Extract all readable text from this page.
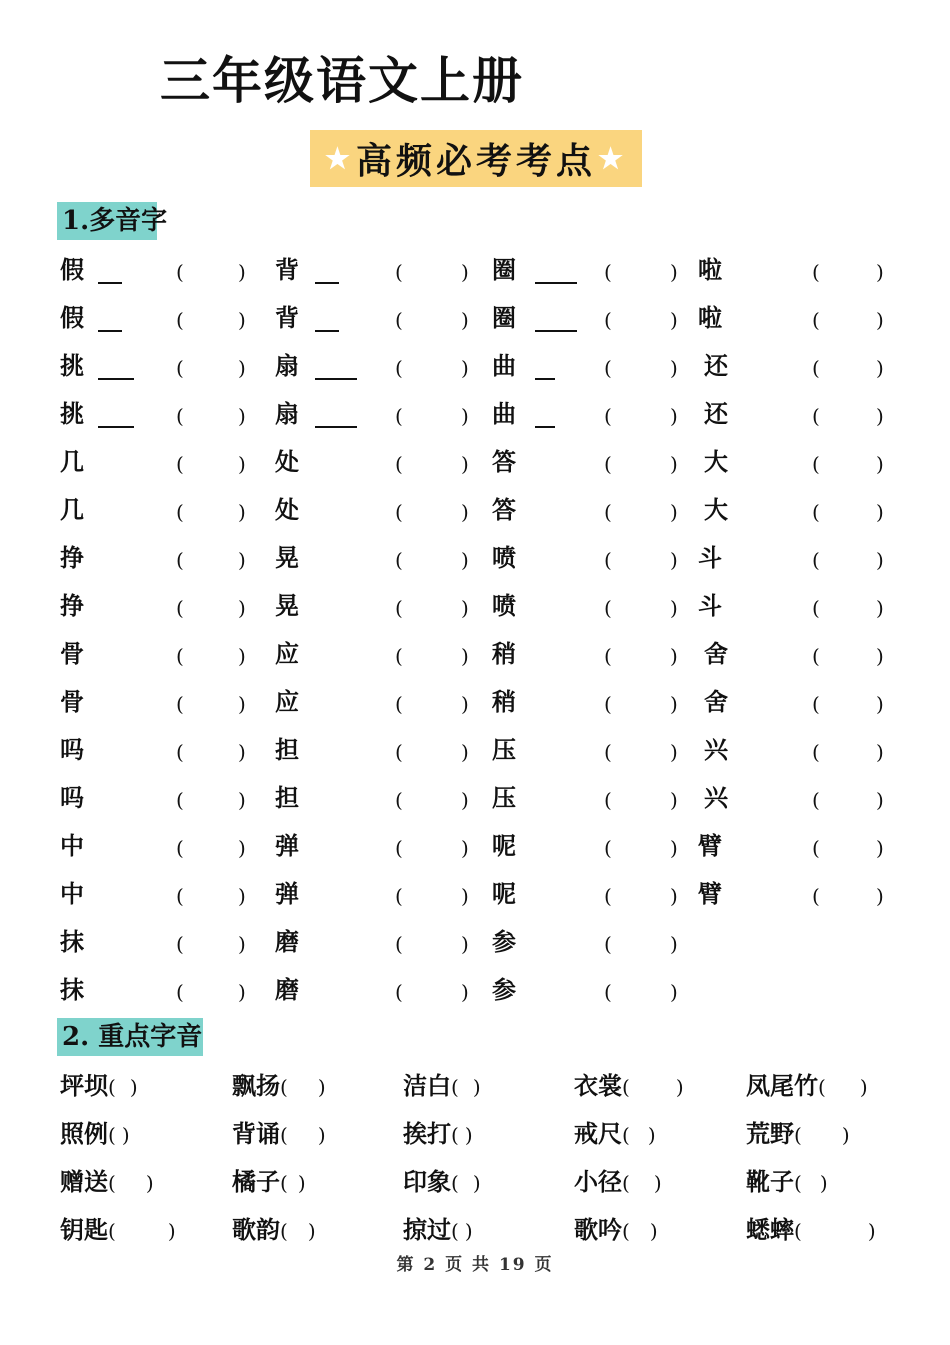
三年级语文上册
★ 高频必考考点 ★
1.多音字
假	(	) 背	(	) 圈	(	) 啦	(	)
假	(	) 背	(	) 圈	(	) 啦	(	)
挑	(	) 扇	(	) 曲	(	) 还	(	)
挑	(	) 扇	(	) 曲	(	) 还	(	)
几	(	) 处	(	) 答	(	) 大	(	)
几	(	) 处	(	) 答	(	) 大	(	)
挣	(	) 晃	(	) 喷	(	) 斗	(	)
挣	(	) 晃	(	) 喷	(	) 斗	(	)
骨	(	) 应	(	) 稍	(	) 舍	(	)
骨	(	) 应	(	) 稍	(	) 舍	(	)
吗	(	) 担	(	) 压	(	) 兴	(	)
吗	(	) 担	(	) 压	(	) 兴	(	)
中	(	) 弹	(	) 呢	(	) 臂	(	)
中	(	) 弹	(	) 呢	(	) 臂	(	)
抹	(	) 磨	(	) 参	(	)
抹	(	) 磨	(	) 参	(	)
2. 重点字音
坪坝( )	飘扬( )	洁白( )	衣裳( )	凤尾竹( )
照例( )	背诵( )	挨打( )	戒尺( )	荒野( )
赠送( )	橘子( )	印象( )	小径( )	靴子( )
钥匙(	) 歌韵( )	掠过( )	歌吟( )	蟋蟀(	)
第 2 页 共 19 页
